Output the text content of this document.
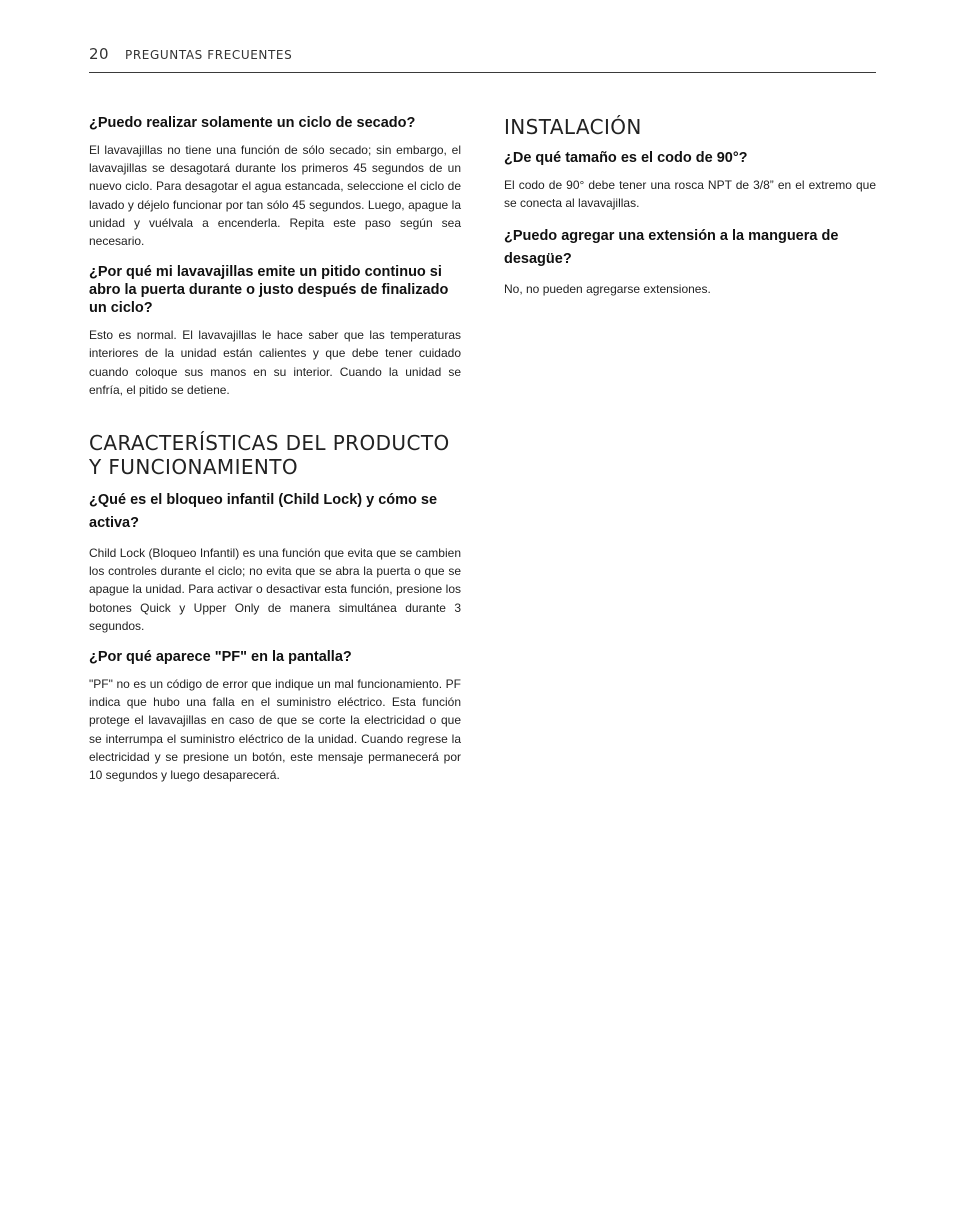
20 PREGUNTAS FRECUENTES
¿Puedo realizar solamente un ciclo de secado?
El lavavajillas no tiene una función de sólo secado; sin embargo, el lavavajillas se desagotará durante los primeros 45 segundos de un nuevo ciclo. Para desagotar el agua estancada, seleccione el ciclo de lavado y déjelo funcionar por tan sólo 45 segundos. Luego, apague la unidad y vuélvala a encenderla. Repita este paso según sea necesario.
¿Por qué mi lavavajillas emite un pitido continuo si abro la puerta durante o justo después de finalizado un ciclo?
Esto es normal. El lavavajillas le hace saber que las temperaturas interiores de la unidad están calientes y que debe tener cuidado cuando coloque sus manos en su interior. Cuando la unidad se enfría, el pitido se detiene.
CARACTERÍSTICAS DEL PRODUCTO Y FUNCIONAMIENTO
¿Qué es el bloqueo infantil (Child Lock) y cómo se activa?
Child Lock (Bloqueo Infantil) es una función que evita que se cambien los controles durante el ciclo; no evita que se abra la puerta o que se apague la unidad. Para activar o desactivar esta función, presione los botones Quick y Upper Only de manera simultánea durante 3 segundos.
¿Por qué aparece "PF" en la pantalla?
"PF" no es un código de error que indique un mal funcionamiento. PF indica que hubo una falla en el suministro eléctrico. Esta función protege el lavavajillas en caso de que se corte la electricidad o que se interrumpa el suministro eléctrico de la unidad. Cuando regrese la electricidad y se presione un botón, este mensaje permanecerá por 10 segundos y luego desaparecerá.
INSTALACIÓN
¿De qué tamaño es el codo de 90°?
El codo de 90° debe tener una rosca NPT de 3/8” en el extremo que se conecta al lavavajillas.
¿Puedo agregar una extensión a la manguera de desagüe?
No, no pueden agregarse extensiones.
